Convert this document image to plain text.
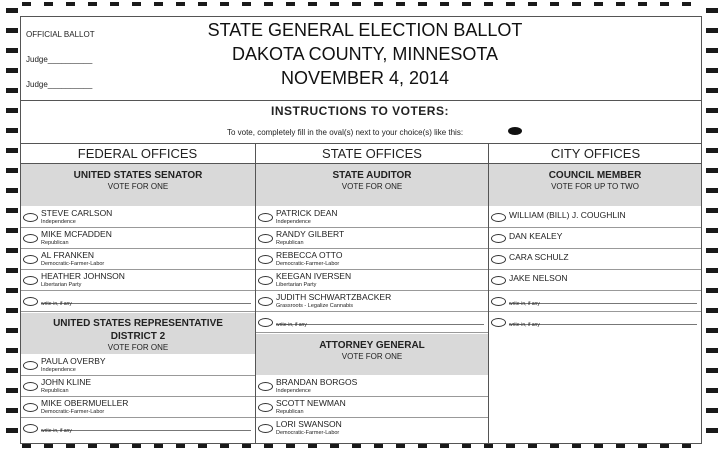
OFFICIAL BALLOT
Judge__________
Judge__________
STATE GENERAL ELECTION BALLOT
DAKOTA COUNTY, MINNESOTA
NOVEMBER 4, 2014
INSTRUCTIONS TO VOTERS:
To vote, completely fill in the oval(s) next to your choice(s) like this:
FEDERAL OFFICES	STATE OFFICES	CITY OFFICES
UNITED STATES SENATOR
VOTE FOR ONE
STEVE CARLSON
Independence
MIKE MCFADDEN
Republican
AL FRANKEN
Democratic-Farmer-Labor
HEATHER JOHNSON
Libertarian Party
write-in, if any
UNITED STATES REPRESENTATIVE
DISTRICT 2
VOTE FOR ONE
PAULA OVERBY
Independence
JOHN KLINE
Republican
MIKE OBERMUELLER
Democratic-Farmer-Labor
write-in, if any
STATE AUDITOR
VOTE FOR ONE
PATRICK DEAN
Independence
RANDY GILBERT
Republican
REBECCA OTTO
Democratic-Farmer-Labor
KEEGAN IVERSEN
Libertarian Party
JUDITH SCHWARTZBACKER
Grassroots - Legalize Cannabis
write-in, if any
ATTORNEY GENERAL
VOTE FOR ONE
BRANDAN BORGOS
Independence
SCOTT NEWMAN
Republican
LORI SWANSON
Democratic-Farmer-Labor
COUNCIL MEMBER
VOTE FOR UP TO TWO
WILLIAM (BILL) J. COUGHLIN
DAN KEALEY
CARA SCHULZ
JAKE NELSON
write-in, if any
write-in, if any
